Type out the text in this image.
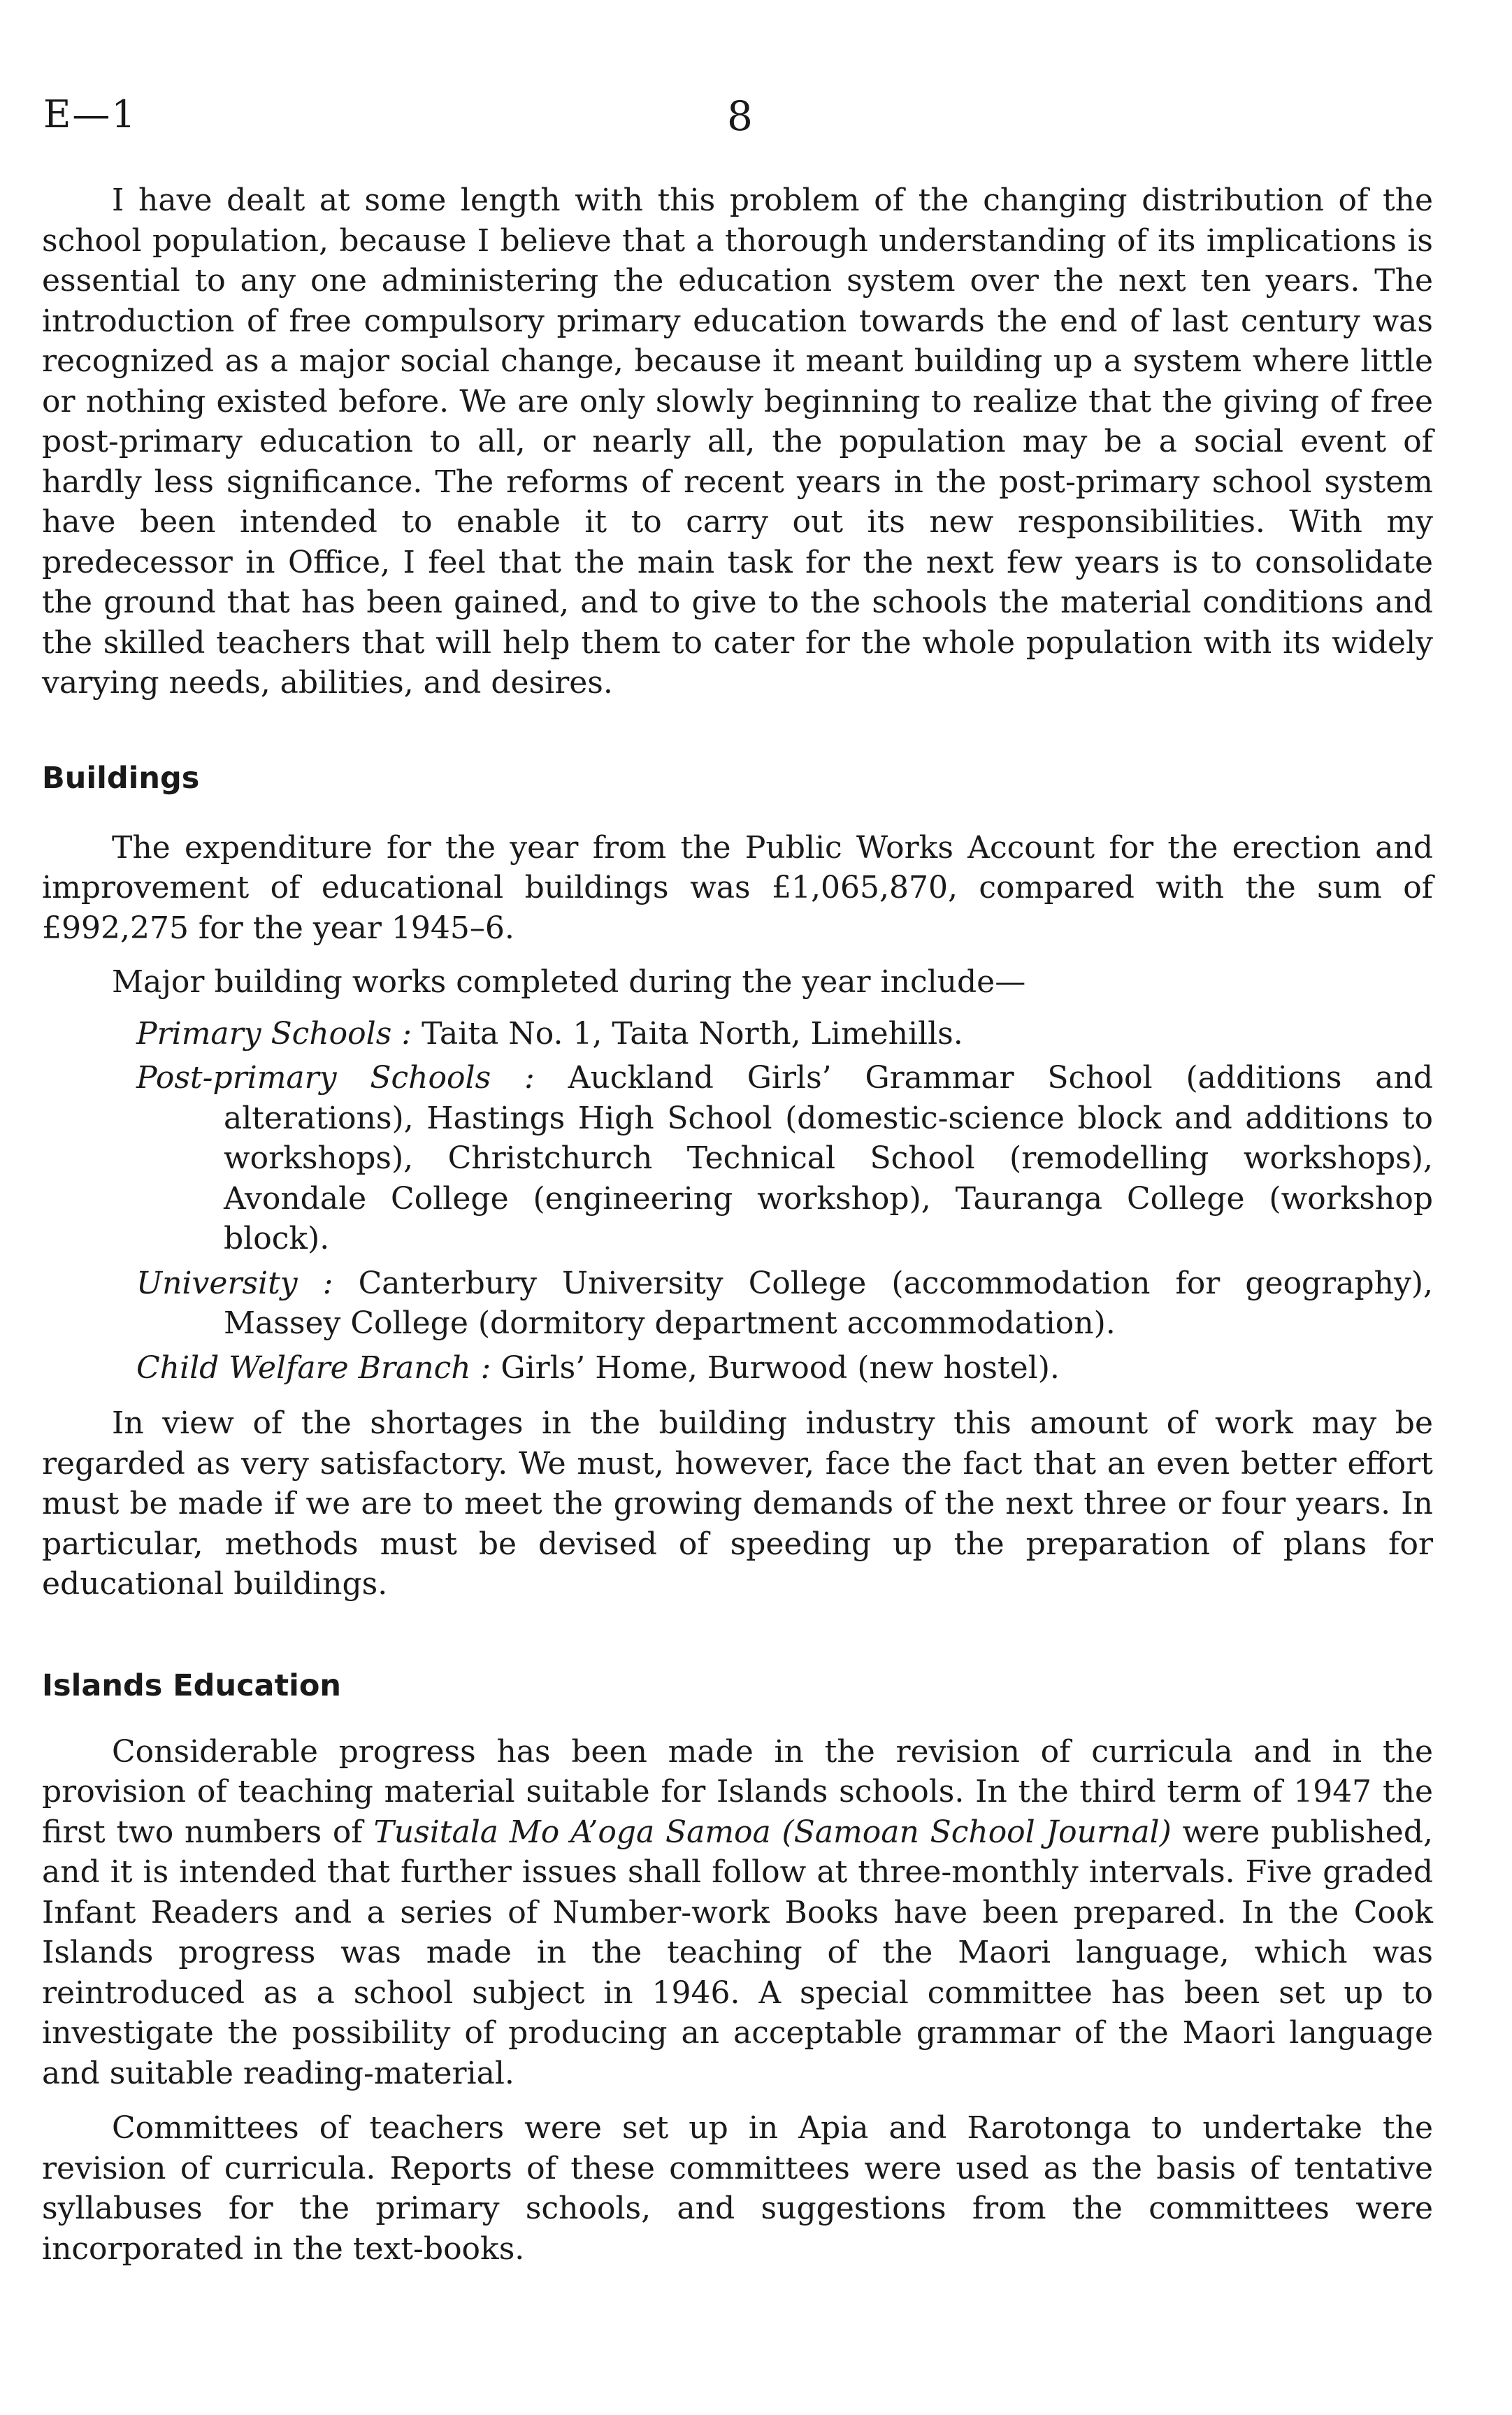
E—1	8

I have dealt at some length with this problem of the changing distribution of the school population, because I believe that a thorough understanding of its implications is essential to any one administering the education system over the next ten years. The introduction of free compulsory primary education towards the end of last century was recognized as a major social change, because it meant building up a system where little or nothing existed before. We are only slowly beginning to realize that the giving of free post-primary education to all, or nearly all, the population may be a social event of hardly less significance. The reforms of recent years in the post-primary school system have been intended to enable it to carry out its new responsibilities. With my predecessor in Office, I feel that the main task for the next few years is to consolidate the ground that has been gained, and to give to the schools the material conditions and the skilled teachers that will help them to cater for the whole population with its widely varying needs, abilities, and desires.

Buildings

The expenditure for the year from the Public Works Account for the erection and improvement of educational buildings was £1,065,870, compared with the sum of £992,275 for the year 1945–6.

Major building works completed during the year include—

Primary Schools : Taita No. 1, Taita North, Limehills.

Post-primary Schools : Auckland Girls’ Grammar School (additions and alterations), Hastings High School (domestic-science block and additions to workshops), Christchurch Technical School (remodelling workshops), Avondale College (engineering workshop), Tauranga College (workshop block).

University : Canterbury University College (accommodation for geography), Massey College (dormitory department accommodation).

Child Welfare Branch : Girls’ Home, Burwood (new hostel).

In view of the shortages in the building industry this amount of work may be regarded as very satisfactory. We must, however, face the fact that an even better effort must be made if we are to meet the growing demands of the next three or four years. In particular, methods must be devised of speeding up the preparation of plans for educational buildings.

Islands Education

Considerable progress has been made in the revision of curricula and in the provision of teaching material suitable for Islands schools. In the third term of 1947 the first two numbers of Tusitala Mo A’oga Samoa (Samoan School Journal) were published, and it is intended that further issues shall follow at three-monthly intervals. Five graded Infant Readers and a series of Number-work Books have been prepared. In the Cook Islands progress was made in the teaching of the Maori language, which was reintroduced as a school subject in 1946. A special committee has been set up to investigate the possibility of producing an acceptable grammar of the Maori language and suitable reading-material.

Committees of teachers were set up in Apia and Rarotonga to undertake the revision of curricula. Reports of these committees were used as the basis of tentative syllabuses for the primary schools, and suggestions from the committees were incorporated in the text-books.
